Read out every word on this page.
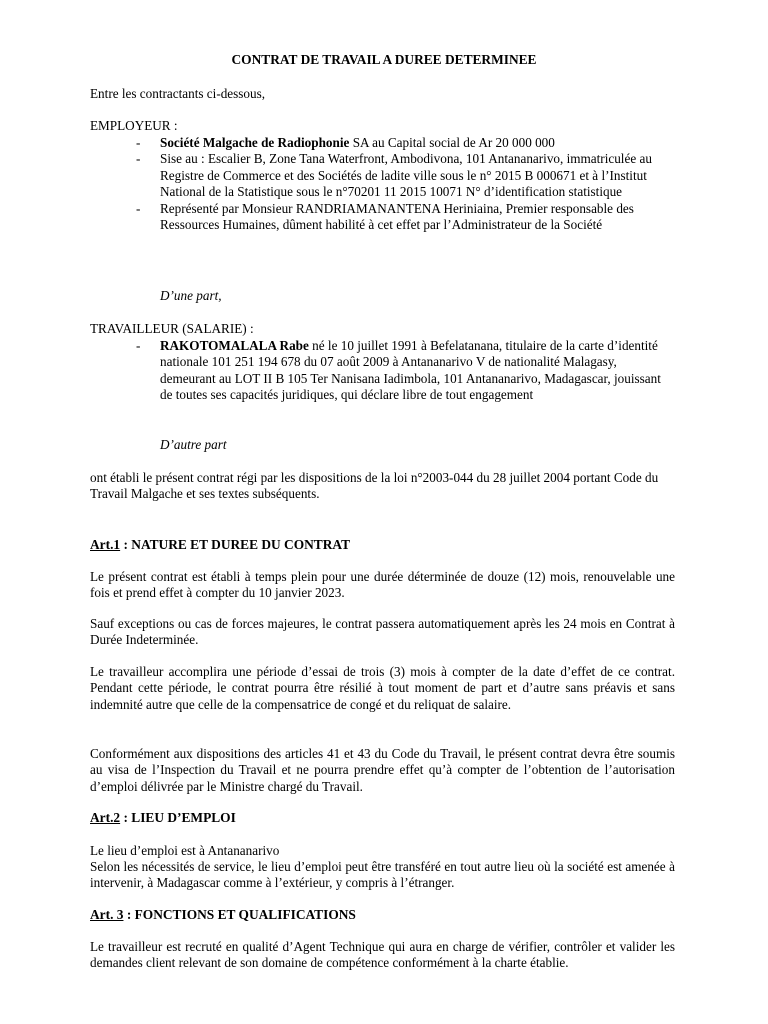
CONTRAT DE TRAVAIL A DUREE DETERMINEE
Entre les contractants ci-dessous,
EMPLOYEUR :
- Société Malgache de Radiophonie SA au Capital social de Ar 20 000 000
- Sise au : Escalier B, Zone Tana Waterfront, Ambodivona, 101 Antananarivo, immatriculée au Registre de Commerce et des Sociétés de ladite ville sous le n° 2015 B 000671 et à l’Institut National de la Statistique sous le n°70201 11 2015 10071 N° d’identification statistique
- Représenté par Monsieur RANDRIAMANANTENA Heriniaina, Premier responsable des Ressources Humaines, dûment habilité à cet effet par l’Administrateur de la Société
D’une part,
TRAVAILLEUR (SALARIE) :
- RAKOTOMALALA Rabe né le 10 juillet 1991 à Befelatanana, titulaire de la carte d’identité nationale 101 251 194 678 du 07 août 2009 à Antananarivo V de nationalité Malagasy, demeurant au LOT II B 105 Ter Nanisana Iadimbola, 101 Antananarivo, Madagascar, jouissant de toutes ses capacités juridiques, qui déclare libre de tout engagement
D’autre part

ont établi le présent contrat régi par les dispositions de la loi n°2003-044 du 28 juillet 2004 portant Code du Travail Malgache et ses textes subséquents.

Art.1 : NATURE ET DUREE DU CONTRAT

Le présent contrat est établi à temps plein pour une durée déterminée de douze (12) mois, renouvelable une fois et prend effet à compter du 10 janvier 2023.

Sauf exceptions ou cas de forces majeures, le contrat passera automatiquement après les 24 mois en Contrat à Durée Indeterminée.

Le travailleur accomplira une période d’essai de trois (3) mois à compter de la date d’effet de ce contrat. Pendant cette période, le contrat pourra être résilié à tout moment de part et d’autre sans préavis et sans indemnité autre que celle de la compensatrice de congé et du reliquat de salaire.

Conformément aux dispositions des articles 41 et 43 du Code du Travail, le présent contrat devra être soumis au visa de l’Inspection du Travail et ne pourra prendre effet qu’à compter de l’obtention de l’autorisation d’emploi délivrée par le Ministre chargé du Travail.

Art.2 : LIEU D’EMPLOI

Le lieu d’emploi est à Antananarivo

Selon les nécessités de service, le lieu d’emploi peut être transféré en tout autre lieu où la société est amenée à intervenir, à Madagascar comme à l’extérieur, y compris à l’étranger.

Art. 3 : FONCTIONS ET QUALIFICATIONS

Le travailleur est recruté en qualité d’Agent Technique qui aura en charge de vérifier, contrôler et valider les demandes client relevant de son domaine de compétence conformément à la charte établie.
